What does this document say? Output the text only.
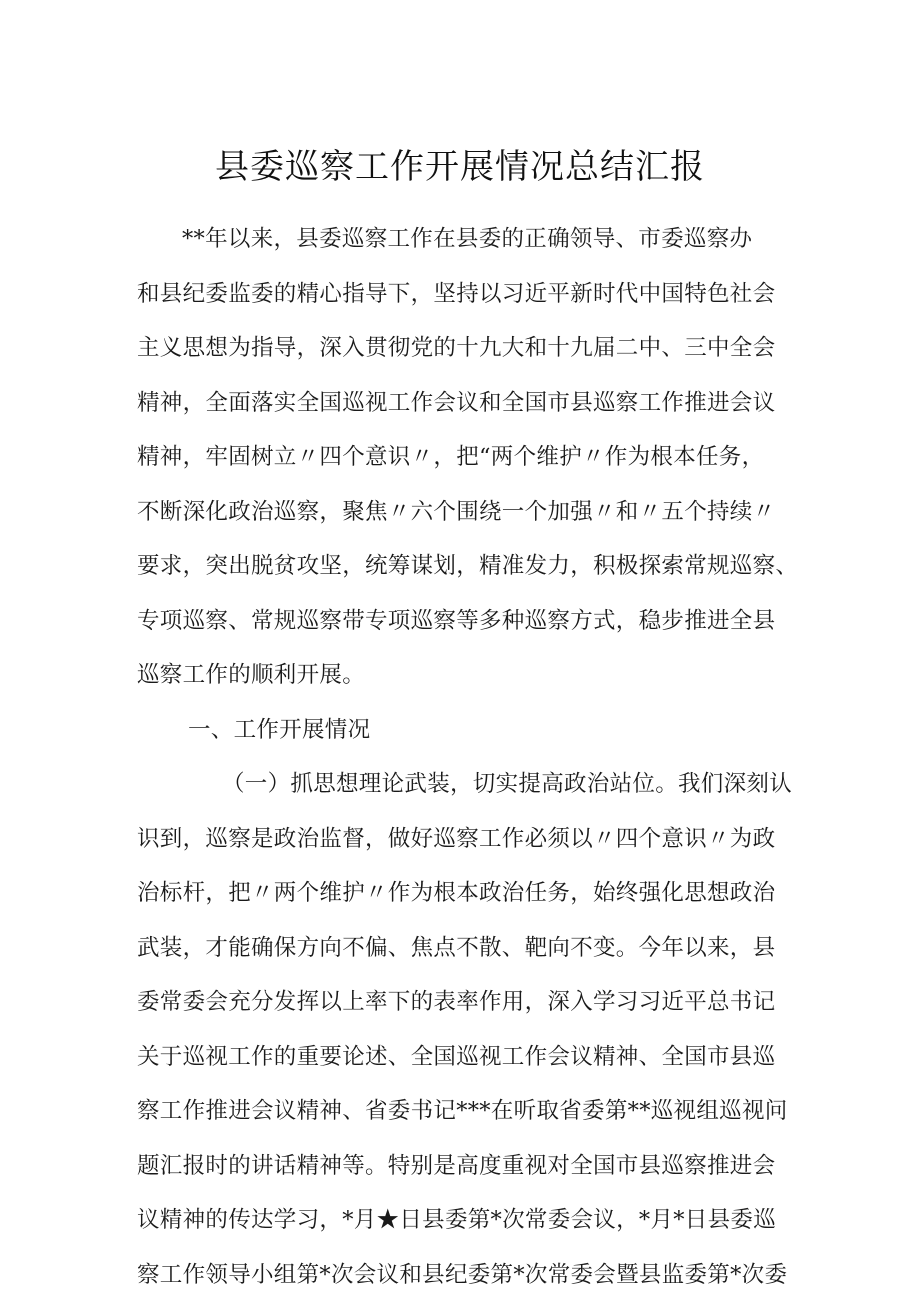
县委巡察工作开展情况总结汇报
**年以来，县委巡察工作在县委的正确领导、市委巡察办
和县纪委监委的精心指导下，坚持以习近平新时代中国特色社会
主义思想为指导，深入贯彻党的十九大和十九届二中、三中全会
精神，全面落实全国巡视工作会议和全国市县巡察工作推进会议
精神，牢固树立〃四个意识〃，把“两个维护〃作为根本任务，
不断深化政治巡察，聚焦〃六个围绕一个加强〃和〃五个持续〃
要求，突出脱贫攻坚，统筹谋划，精准发力，积极探索常规巡察、
专项巡察、常规巡察带专项巡察等多种巡察方式，稳步推进全县
巡察工作的顺利开展。
一、工作开展情况
（一）抓思想理论武装，切实提高政治站位。我们深刻认
识到，巡察是政治监督，做好巡察工作必须以〃四个意识〃为政
治标杆，把〃两个维护〃作为根本政治任务，始终强化思想政治
武装，才能确保方向不偏、焦点不散、靶向不变。今年以来，县
委常委会充分发挥以上率下的表率作用，深入学习习近平总书记
关于巡视工作的重要论述、全国巡视工作会议精神、全国市县巡
察工作推进会议精神、省委书记***在听取省委第**巡视组巡视问
题汇报时的讲话精神等。特别是高度重视对全国市县巡察推进会
议精神的传达学习，*月★日县委第*次常委会议，*月*日县委巡
察工作领导小组第*次会议和县纪委第*次常委会暨县监委第*次委
